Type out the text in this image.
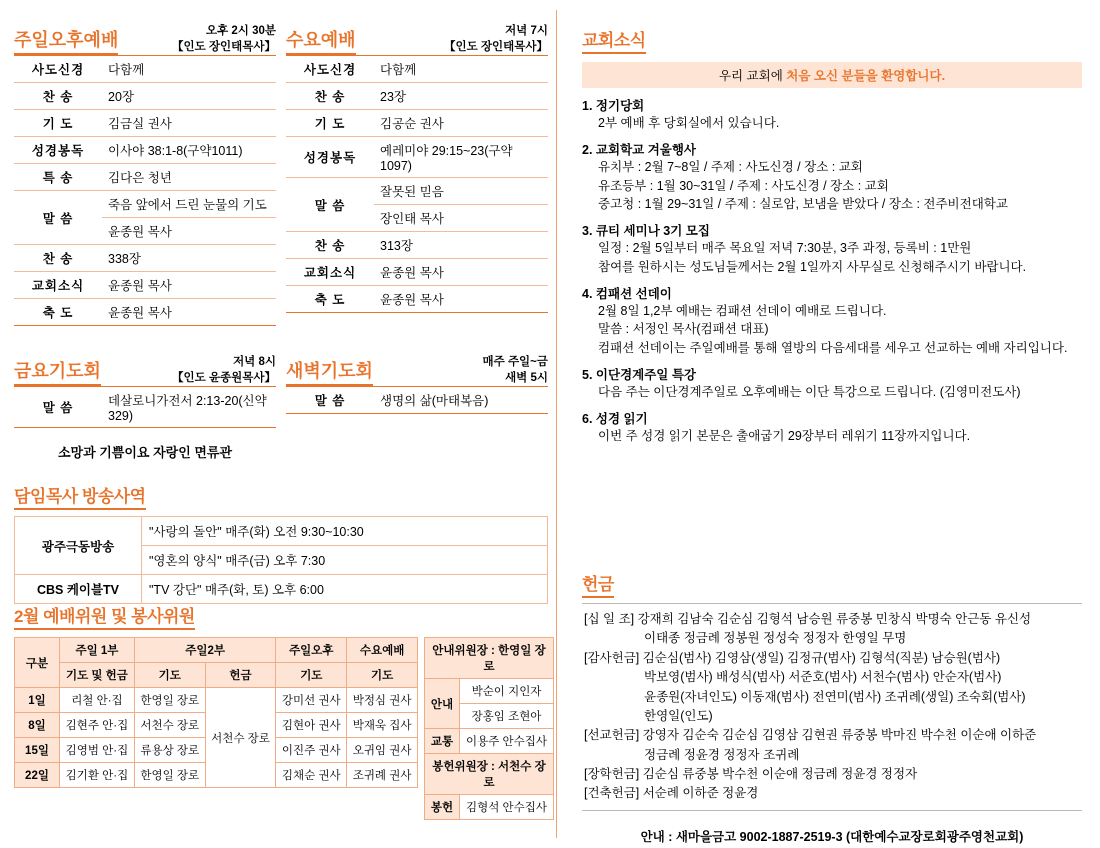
주일오후예배	오후 2시 30분
【인도 장인태목사】
사도신경	다함께
찬 송	20장
기 도	김금실 권사
성경봉독	이사야 38:1-8(구약1011)
특 송	김다은 청년
말 씀	죽음 앞에서 드린 눈물의 기도
	윤종원 목사
찬 송	338장
교회소식	윤종원 목사
축 도	윤종원 목사
수요예배	저녁 7시
【인도 장인태목사】
사도신경	다함께
찬 송	23장
기 도	김공순 권사
성경봉독	예레미야 29:15~23(구약1097)
말 씀	잘못된 믿음
	장인태 목사
찬 송	313장
교회소식	윤종원 목사
축 도	윤종원 목사
금요기도회	저녁 8시
【인도 윤종원목사】
말 씀	데살로니가전서 2:13-20(신약329)
소망과 기쁨이요 자랑인 면류관
새벽기도회	매주 주일~금
새벽 5시
말 씀	생명의 삶(마태복음)
담임목사 방송사역
광주극동방송	"사랑의 돌안" 매주(화) 오전 9:30~10:30
	"영혼의 양식" 매주(금) 오후 7:30
CBS 케이블TV	"TV 강단" 매주(화, 토) 오후 6:00
2월 예배위원 및 봉사위원
구분	주일 1부	주일2부		주일오후	수요예배
	기도 및 헌금	기도	헌금	기도	기도
1일	리철 안·집	한영일 장로	서천수 장로	강미선 권사	박정심 권사
8일	김현주 안·집	서천수 장로		김현아 권사	박재욱 집사
15일	김영범 안·집	류용상 장로		이진주 권사	오귀임 권사
22일	김기환 안·집	한영일 장로		김채순 권사	조귀례 권사
안내위원장 : 한영일 장로	
안내	박순이 지인자
	장홍임 조현아
교통	이용주 안수집사
봉헌위원장 : 서천수 장로	
봉헌	김형석 안수집사
교회소식
우리 교회에 처음 오신 분들을 환영합니다.
1. 정기당회
2부 예배 후 당회실에서 있습니다.
2. 교회학교 겨울행사
유치부 : 2월 7~8일 / 주제 : 사도신경 / 장소 : 교회
유조등부 : 1월 30~31일 / 주제 : 사도신경 / 장소 : 교회
중고청 : 1월 29~31일 / 주제 : 실로암, 보냄을 받았다 / 장소 : 전주비전대학교
3. 큐티 세미나 3기 모집
일정 : 2월 5일부터 매주 목요일 저녁 7:30분, 3주 과정, 등록비 : 1만원
참여를 원하시는 성도님들께서는 2월 1일까지 사무실로 신청해주시기 바랍니다.
4. 컴패션 선데이
2월 8일 1,2부 예배는 컴패션 선데이 예배로 드립니다.
말씀 : 서정인 목사(컴패션 대표)
컴패션 선데이는 주일예배를 통해 열방의 다음세대를 세우고 선교하는 예배 자리입니다.
5. 이단경계주일 특강
다음 주는 이단경계주일로 오후예배는 이단 특강으로 드립니다. (김영미전도사)
6. 성경 읽기
이번 주 성경 읽기 본문은 출애굽기 29장부터 레위기 11장까지입니다.
헌금
[십 일 조] 강재희 김남숙 김순심 김형석 남승원 류중봉 민창식 박명숙 안근동 유신성
이태종 정금례 정봉원 정성숙 정정자 한영일 무명
[감사헌금] 김순심(범사) 김영삼(생일) 김정규(범사) 김형석(직분) 남승원(범사)
박보영(범사) 배성식(범사) 서준호(범사) 서천수(범사) 안순자(범사)
윤종원(자녀인도) 이동재(범사) 전연미(범사) 조귀례(생일) 조숙회(범사)
한영일(인도)
[선교헌금] 강영자 김순숙 김순심 김영삼 김현권 류중봉 박마진 박수천 이순애 이하준
정금례 정윤경 정정자 조귀례
[장학헌금] 김순심 류중봉 박수천 이순애 정금례 정윤경 정정자
[건축헌금] 서순례 이하준 정윤경
안내 : 새마을금고 9002-1887-2519-3 (대한예수교장로회광주영천교회)
